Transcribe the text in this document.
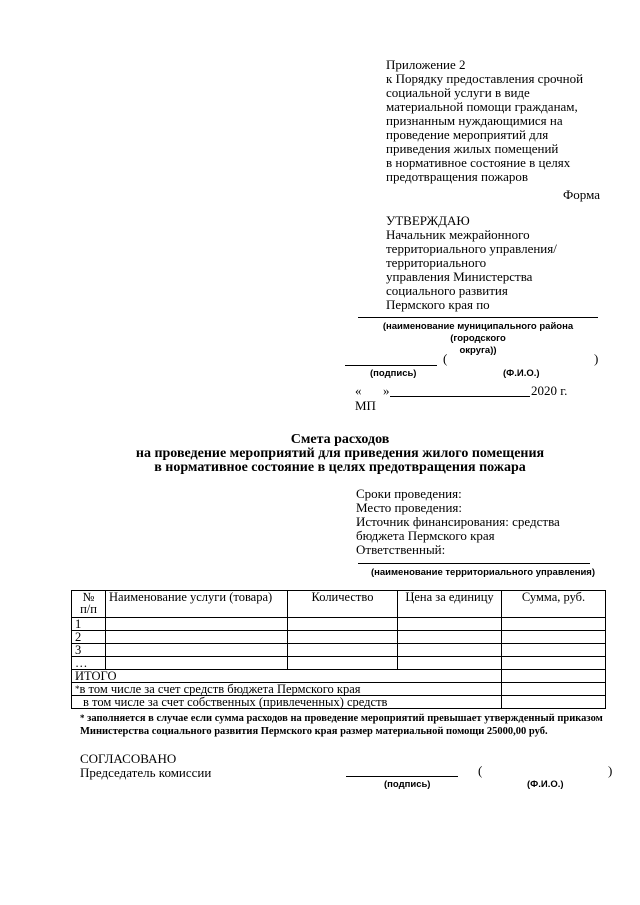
Приложение 2
к Порядку предоставления срочной
социальной услуги в виде
материальной помощи гражданам,
признанным нуждающимися на
проведение мероприятий для
приведения жилых помещений
в нормативное состояние в целях
предотвращения пожаров
Форма
УТВЕРЖДАЮ
Начальник межрайонного
территориального управления/
территориального
управления Министерства
социального развития
Пермского края по
(наименование муниципального района (городского
округа))
(	)
(подпись)	(Ф.И.О.)
« »	2020 г.
МП
Смета расходов
на проведение мероприятий для приведения жилого помещения
в нормативное состояние в целях предотвращения пожара
Сроки проведения:
Место проведения:
Источник финансирования: средства
бюджета Пермского края
Ответственный:
(наименование территориального управления)
№
п/п	Наименование услуги (товара)	Количество	Цена за единицу	Сумма, руб.
1				
2				
3				
…				
ИТОГО				
*в том числе за счет средств бюджета Пермского края				
в том числе за счет собственных (привлеченных) средств				
* заполняется в случае если сумма расходов на проведение мероприятий превышает утвержденный приказом
Министерства социального развития Пермского края размер материальной помощи 25000,00 руб.
СОГЛАСОВАНО
Председатель комиссии	(	)
(подпись)	(Ф.И.О.)
